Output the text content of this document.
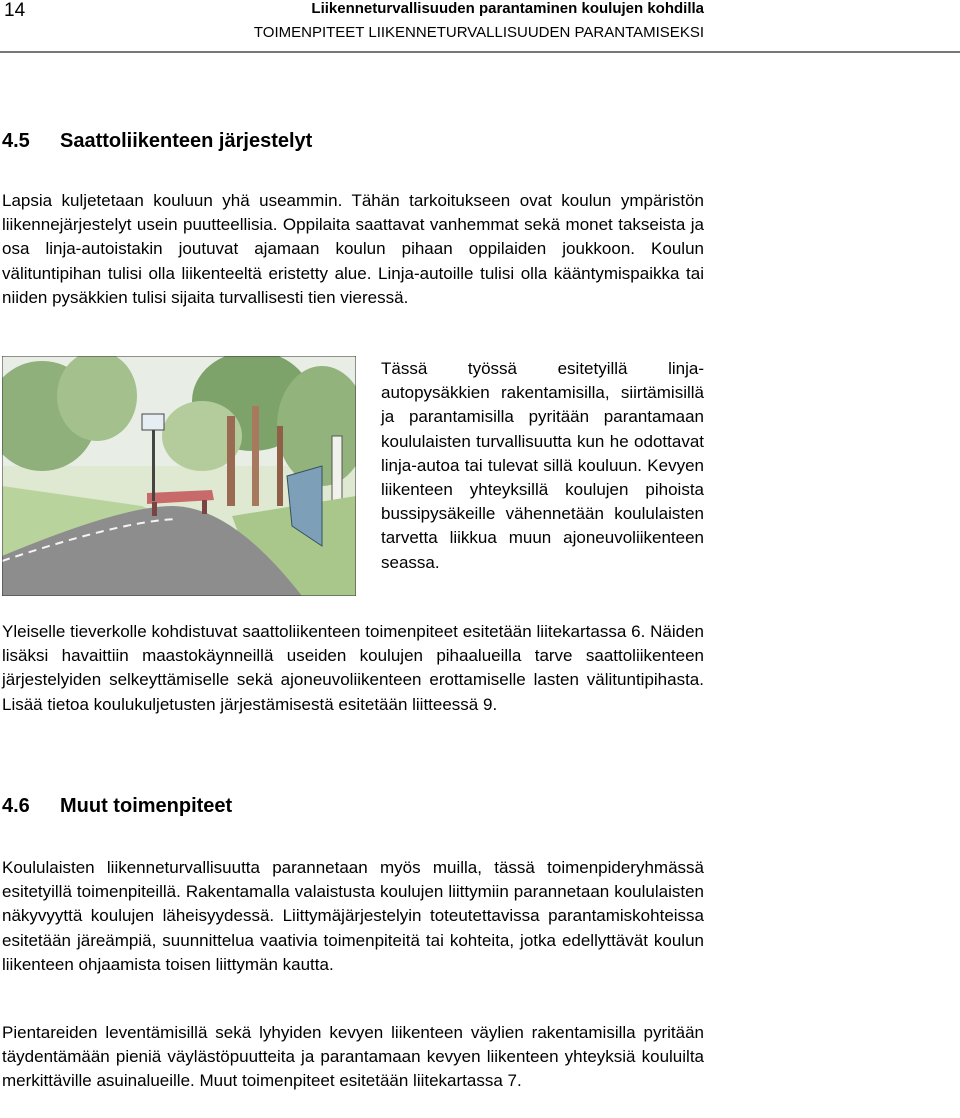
14	Liikenneturvallisuuden parantaminen koulujen kohdilla
TOIMENPITEET LIIKENNETURVALLISUUDEN PARANTAMISEKSI
4.5 Saattoliikenteen järjestelyt
Lapsia kuljetetaan kouluun yhä useammin. Tähän tarkoitukseen ovat koulun ympäristön liikennejärjestelyt usein puutteellisia. Oppilaita saattavat vanhemmat sekä monet takseista ja osa linja-autoistakin joutuvat ajamaan koulun pihaan oppilaiden joukkoon. Koulun välituntipihan tulisi olla liikenteeltä eristetty alue. Linja-autoille tulisi olla kääntymispaikka tai niiden pysäkkien tulisi sijaita turvallisesti tien vieressä.
Tässä työssä esitetyillä linja-autopysäkkien rakentamisilla, siirtämisillä ja parantamisilla pyritään parantamaan koululaisten turvallisuutta kun he odottavat linja-autoa tai tulevat sillä kouluun. Kevyen liikenteen yhteyksillä koulujen pihoista bussipysäkeille vähennetään koululaisten tarvetta liikkua muun ajoneuvoliikenteen seassa.
Yleiselle tieverkolle kohdistuvat saattoliikenteen toimenpiteet esitetään liitekartassa 6. Näiden lisäksi havaittiin maastokäynneillä useiden koulujen pihaalueilla tarve saattoliikenteen järjestelyiden selkeyttämiselle sekä ajoneuvoliikenteen erottamiselle lasten välituntipihasta. Lisää tietoa koulukuljetusten järjestämisestä esitetään liitteessä 9.
4.6 Muut toimenpiteet
Koululaisten liikenneturvallisuutta parannetaan myös muilla, tässä toimenpideryhmässä esitetyillä toimenpiteillä. Rakentamalla valaistusta koulujen liittymiin parannetaan koululaisten näkyvyyttä koulujen läheisyydessä. Liittymäjärjestelyin toteutettavissa parantamiskohteissa esitetään järeämpiä, suunnittelua vaativia toimenpiteitä tai kohteita, jotka edellyttävät koulun liikenteen ohjaamista toisen liittymän kautta.
Pientareiden leventämisillä sekä lyhyiden kevyen liikenteen väylien rakentamisilla pyritään täydentämään pieniä väylästöpuutteita ja parantamaan kevyen liikenteen yhteyksiä kouluilta merkittäville asuinalueille. Muut toimenpiteet esitetään liitekartassa 7.
